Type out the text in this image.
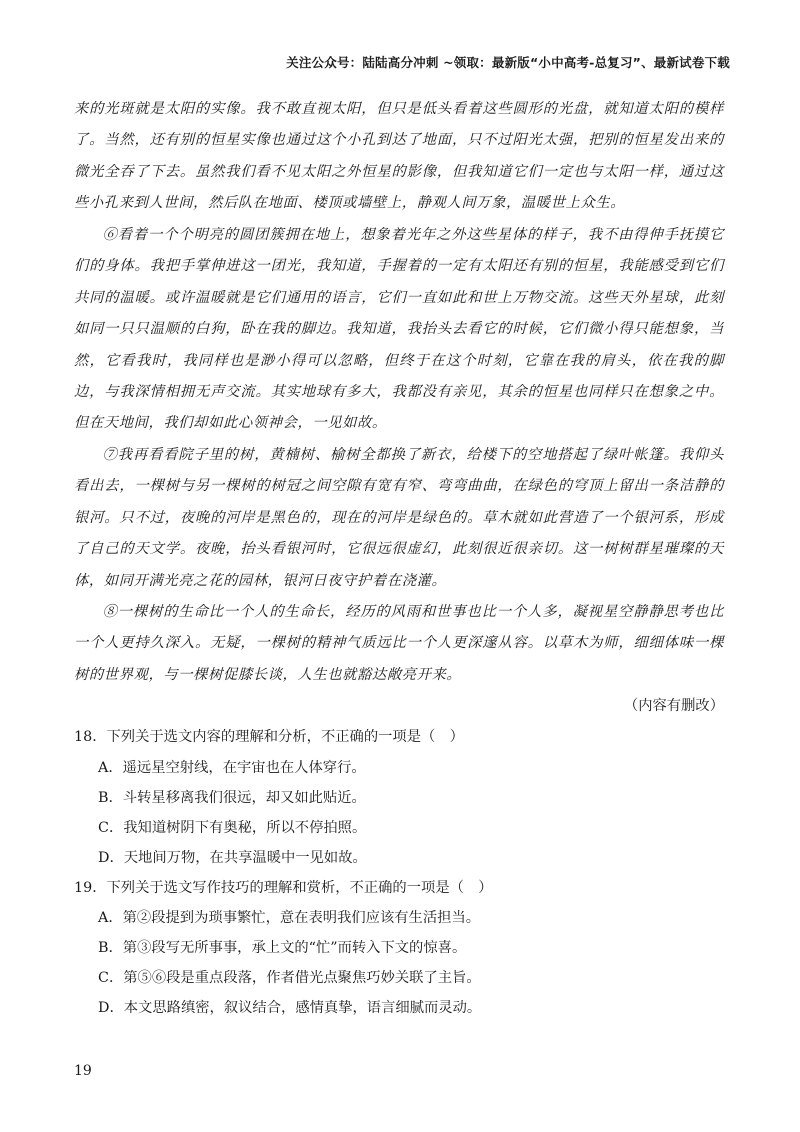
关注公众号：陆陆高分冲刺 ~领取：最新版“小中高考-总复习”、最新试卷下载

来的光斑就是太阳的实像。我不敢直视太阳，但只是低头看着这些圆形的光盘，就知道太阳的模样了。当然，还有别的恒星实像也通过这个小孔到达了地面，只不过阳光太强，把别的恒星发出来的微光全吞了下去。虽然我们看不见太阳之外恒星的影像，但我知道它们一定也与太阳一样，通过这些小孔来到人世间，然后队在地面、楼顶或墙壁上，静观人间万象，温暖世上众生。

⑥看着一个个明亮的圆团簇拥在地上，想象着光年之外这些星体的样子，我不由得伸手抚摸它们的身体。我把手掌伸进这一团光，我知道，手握着的一定有太阳还有别的恒星，我能感受到它们共同的温暖。或许温暖就是它们通用的语言，它们一直如此和世上万物交流。这些天外星球，此刻如同一只只温顺的白狗，卧在我的脚边。我知道，我抬头去看它的时候，它们微小得只能想象，当然，它看我时，我同样也是渺小得可以忽略，但终于在这个时刻，它靠在我的肩头，依在我的脚边，与我深情相拥无声交流。其实地球有多大，我都没有亲见，其余的恒星也同样只在想象之中。但在天地间，我们却如此心领神会，一见如故。

⑦我再看看院子里的树，黄楠树、榆树全都换了新衣，给楼下的空地搭起了绿叶帐篷。我仰头看出去，一棵树与另一棵树的树冠之间空隙有宽有窄、弯弯曲曲，在绿色的穹顶上留出一条洁静的银河。只不过，夜晚的河岸是黑色的，现在的河岸是绿色的。草木就如此营造了一个银河系，形成了自己的天文学。夜晚，抬头看银河时，它很远很虚幻，此刻很近很亲切。这一树树群星璀璨的天体，如同开满光亮之花的园林，银河日夜守护着在浇灌。

⑧一棵树的生命比一个人的生命长，经历的风雨和世事也比一个人多，凝视星空静静思考也比一个人更持久深入。无疑，一棵树的精神气质远比一个人更深邃从容。以草木为师，细细体味一棵树的世界观，与一棵树促膝长谈，人生也就豁达敞亮开来。

（内容有删改）
18．下列关于选文内容的理解和分析，不正确的一项是（　）
A．遥远星空射线，在宇宙也在人体穿行。
B．斗转星移离我们很远，却又如此贴近。
C．我知道树阴下有奥秘，所以不停拍照。
D．天地间万物，在共享温暖中一见如故。
19．下列关于选文写作技巧的理解和赏析，不正确的一项是（　）
A．第②段提到为琐事繁忙，意在表明我们应该有生活担当。
B．第③段写无所事事，承上文的“忙”而转入下文的惊喜。
C．第⑤⑥段是重点段落，作者借光点聚焦巧妙关联了主旨。
D．本文思路缜密，叙议结合，感情真挚，语言细腻而灵动。
19
